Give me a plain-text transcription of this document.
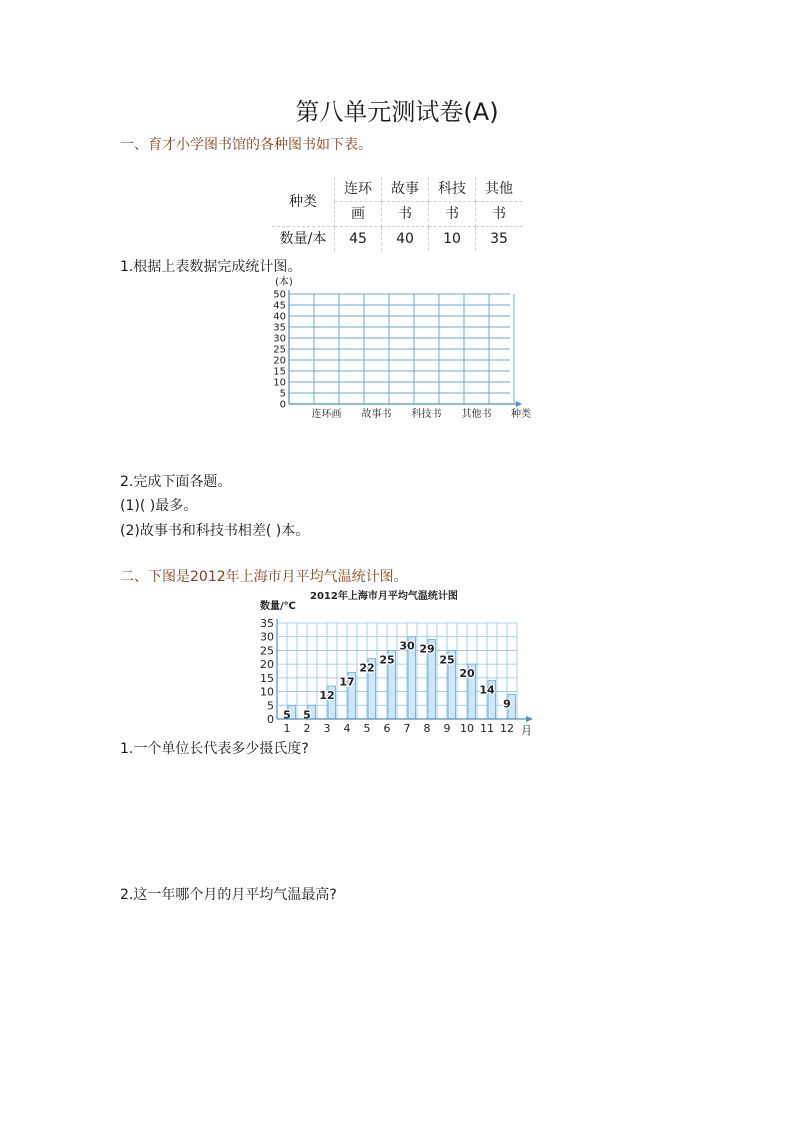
第八单元测试卷(A)
一、育才小学图书馆的各种图书如下表。
种类	连环	故事	科技	其他
	画	书	书	书
数量/本	45	40	10	35
1.根据上表数据完成统计图。
0
5
10
15
20
25
30
35
40
45
50
(本)
连环画 故事书 科技书 其他书 种类
2.完成下面各题。
(1)( )最多。
(2)故事书和科技书相差( )本。
二、下图是2012年上海市月平均气温统计图。
0
5
10
15
20
25
30
35
5
1
5
2
12
3
17
4
22
5
25
6
30
7
29
8
25
9
20
10
14
11
9
12
2012年上海市月平均气温统计图
数量/℃
月
1.一个单位长代表多少摄氏度?
2.这一年哪个月的月平均气温最高?
